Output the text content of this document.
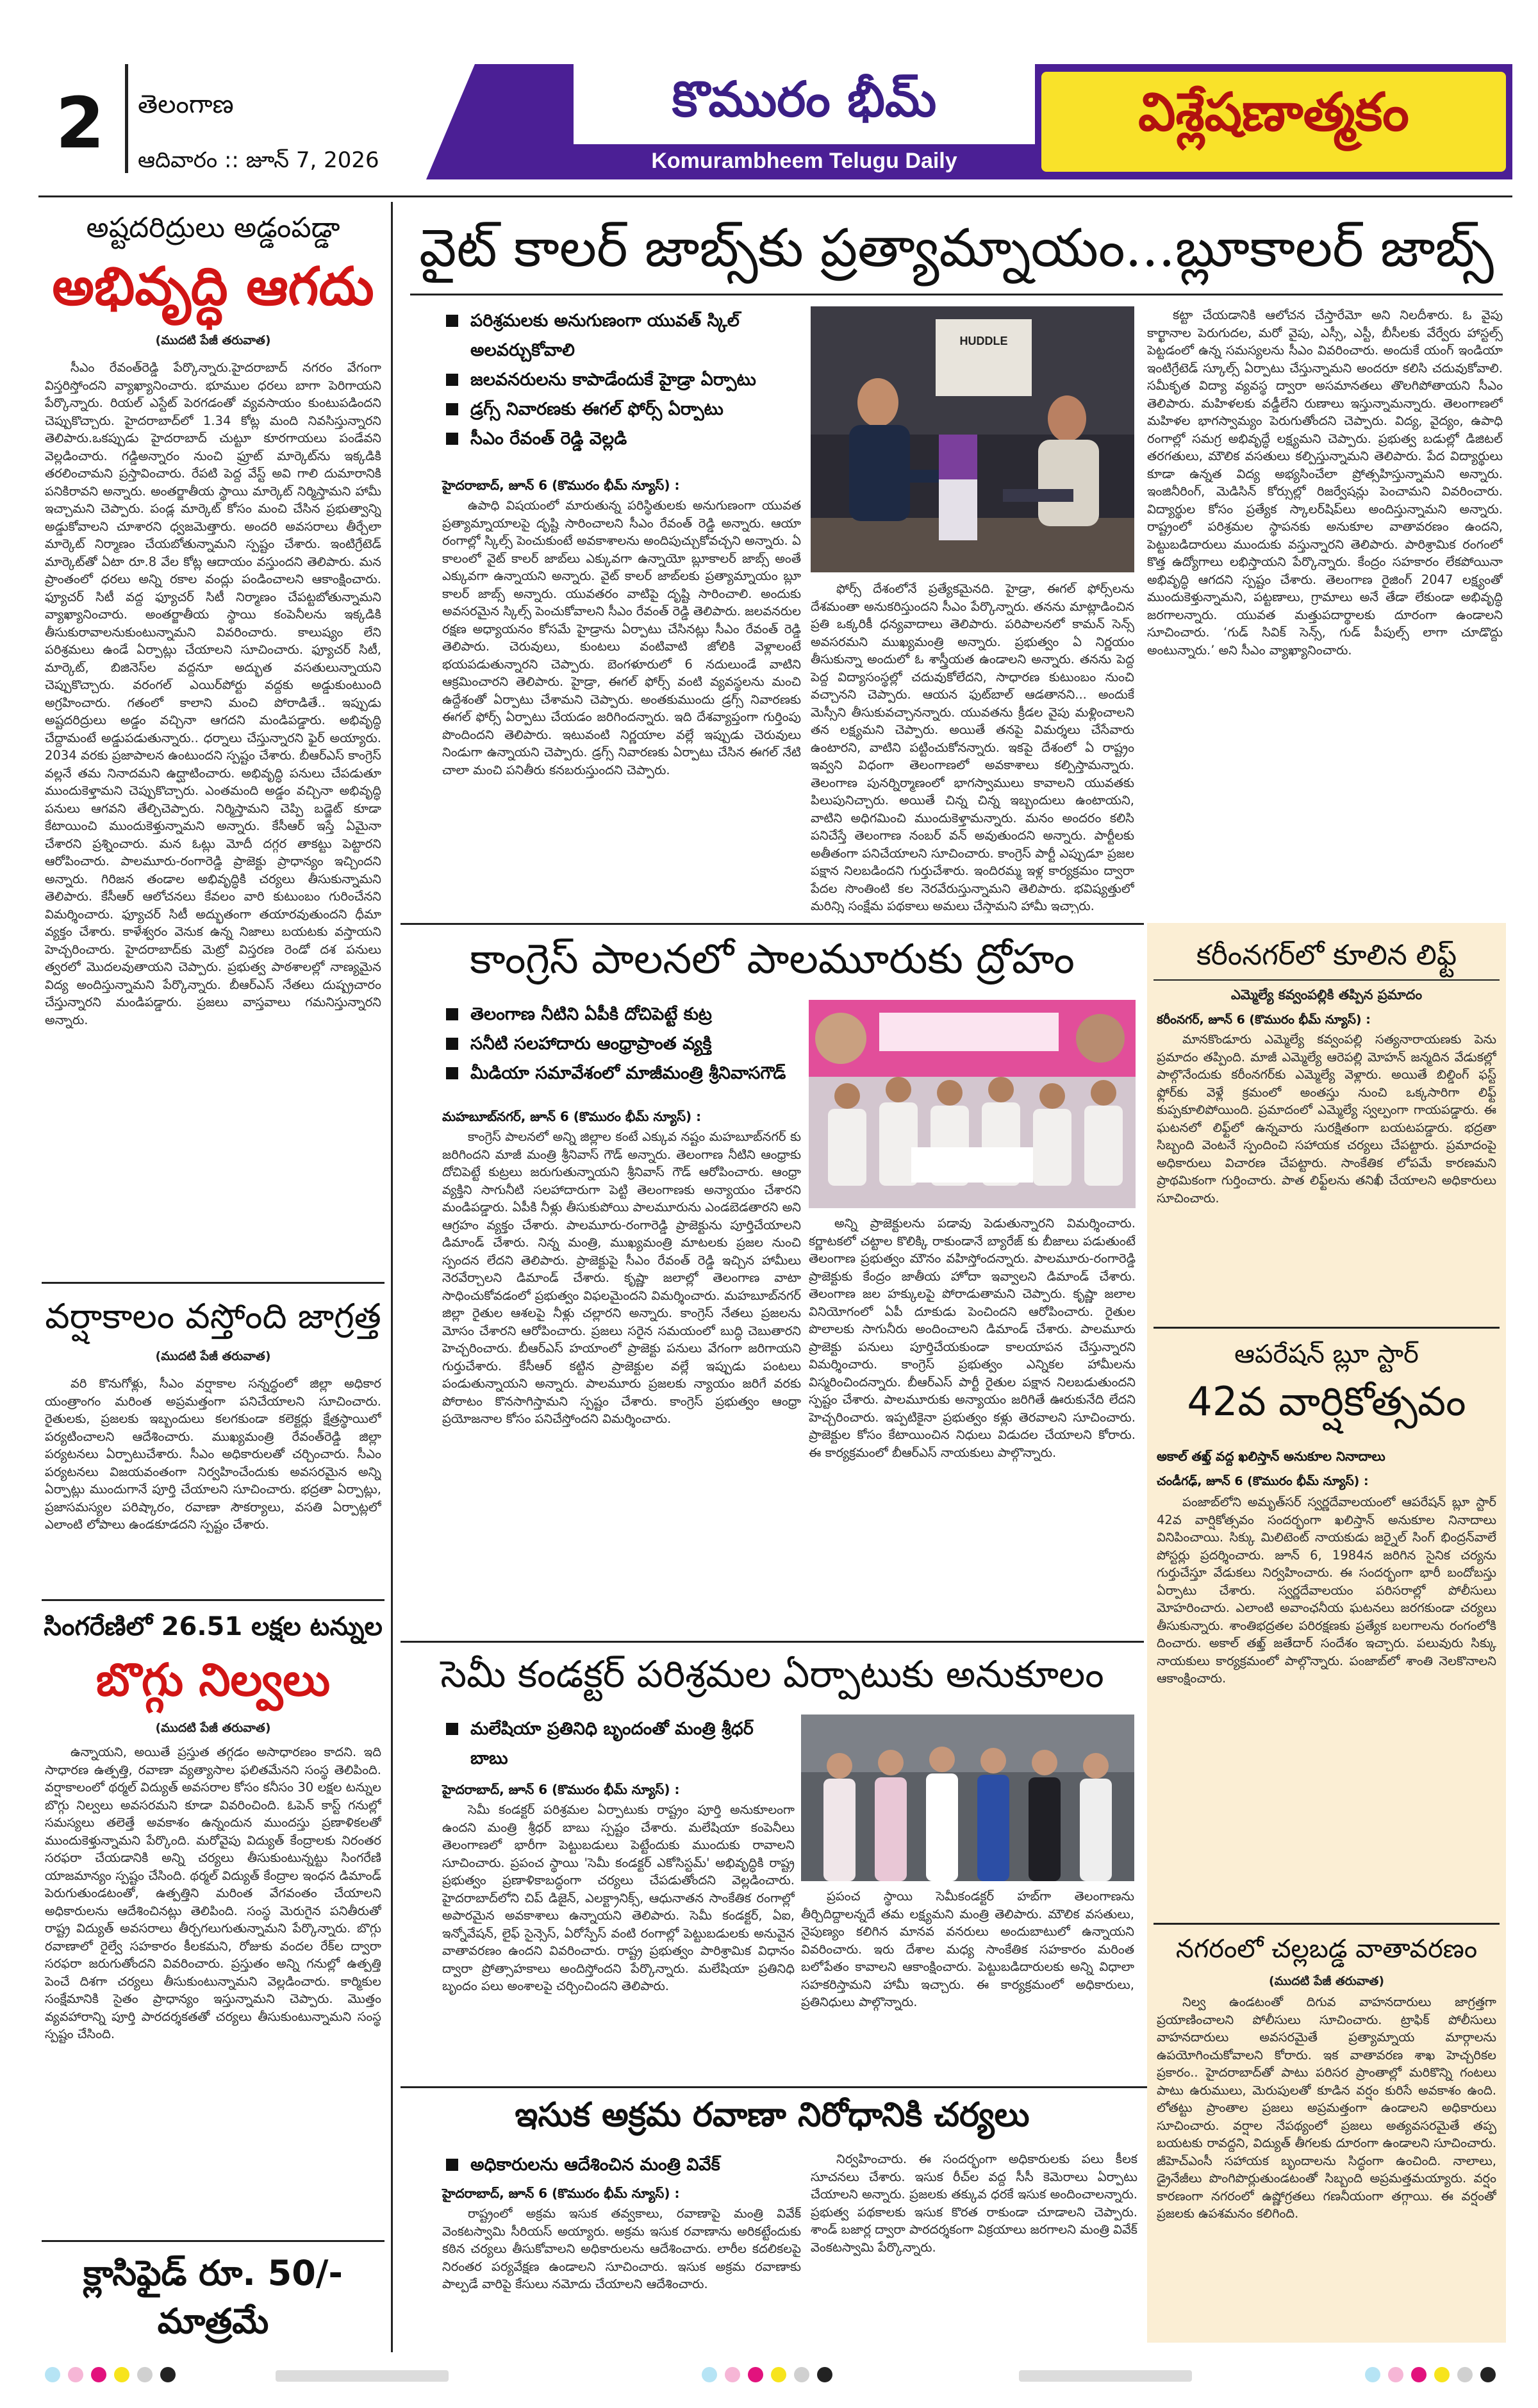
2	తెలంగాణ
ఆదివారం :: జూన్ 7, 2026
కొమురం భీమ్
Komurambheem Telugu Daily
విశ్లేషణాత్మకం
అష్టదరిద్రులు అడ్డంపడ్డా
అభివృద్ధి ఆగదు
(ముదటి పేజీ తరువాత)

సీఎం రేవంత్‌రెడ్డి పేర్కొన్నారు.హైదరాబాద్ నగరం వేగంగా విస్తరిస్తోందని వ్యాఖ్యానించారు. భూముల ధరలు బాగా పెరిగాయని పేర్కొన్నారు. రియల్ ఎస్టేట్ పెరగడంతో వ్యవసాయం కుంటుపడిందని చెప్పుకొచ్చారు. హైదరాబాద్‌లో 1.34 కోట్ల మంది నివసిస్తున్నారని తెలిపారు.ఒకప్పుడు హైదరాబాద్ చుట్టూ కూరగాయలు పండేవని వెల్లడించారు. గడ్డిఅన్నారం నుంచి ఫ్రూట్ మార్కెట్‌ను ఇక్కడికి తరలించామని ప్రస్తావించారు. రేపటి పెద్ద వేస్ట్ అవి గాలి దుమారానికి పనికిరావని అన్నారు. అంతర్జాతీయ స్థాయి మార్కెట్ నిర్మిస్తామని హామీ ఇచ్చామని చెప్పారు. పండ్ల మార్కెట్ కోసం మంచి చేసిన ప్రభుత్వాన్ని అడ్డుకోవాలని చూశారని ధ్వజమెత్తారు. అందరి అవసరాలు తీర్చేలా మార్కెట్ నిర్మాణం చేయబోతున్నామని స్పష్టం చేశారు. ఇంటిగ్రేటెడ్ మార్కెట్‌తో ఏటా రూ.8 వేల కోట్ల ఆదాయం వస్తుందని తెలిపారు. మన ప్రాంతంలో ధరలు అన్ని రకాల వంద్లు పండించాలని ఆకాంక్షించారు. ఫ్యూచర్ సిటీ వద్ద ఫ్యూచర్ సిటీ నిర్మాణం చేపట్టబోతున్నామని వ్యాఖ్యానించారు. అంతర్జాతీయ స్థాయి కంపెనీలను ఇక్కడికి తీసుకురావాలనుకుంటున్నామని వివరించారు. కాలుష్యం లేని పరిశ్రమలు ఉండే ఏర్పాట్లు చేయాలని సూచించారు. ఫ్యూచర్ సిటీ, మార్కెట్, బిజినెస్‌ల వద్దనూ అద్భుత వసతులున్నాయని చెప్పుకొచ్చారు. వరంగల్ ఎయిర్‌పోర్టు వద్దకు అడ్డుకుంటుంది అగ్రహించారు. గతంలో కాలాని మంచి పోరాడితే.. ఇప్పుడు అష్టదరిద్రులు అడ్డం వచ్చినా ఆగదని మండిపడ్డారు. అభివృద్ధి చేద్దామంటే అడ్డుపడుతున్నారు.. ధర్నాలు చేస్తున్నారని ఫైర్ అయ్యారు. 2034 వరకు ప్రజాపాలన ఉంటుందని స్పష్టం చేశారు. బీఆర్ఎస్ కాంగ్రెస్ వల్లనే తమ నినాదమని ఉద్ఘాటించారు. అభివృద్ధి పనులు చేపడుతూ ముందుకెళ్తామని చెప్పుకొచ్చారు. ఎంతమంది అడ్డం వచ్చినా అభివృద్ధి పనులు ఆగవని తేల్చిచెప్పారు. నిర్మిస్తామని చెప్పి బడ్జెట్ కూడా కేటాయించి ముందుకెళ్తున్నామని అన్నారు. కేసీఆర్ ఇస్తే ఏమైనా చేశారని ప్రశ్నించారు. మన ఓట్లు మోదీ దగ్గర తాకట్టు పెట్టారని ఆరోపించారు. పాలమూరు-రంగారెడ్డి ప్రాజెక్టు ప్రాధాన్యం ఇచ్చిందని అన్నారు. గిరిజన తండాల అభివృద్ధికి చర్యలు తీసుకున్నామని తెలిపారు. కేసీఆర్ ఆలోచనలు కేవలం వారి కుటుంబం గురించేనని విమర్శించారు. ఫ్యూచర్ సిటీ అద్భుతంగా తయారవుతుందని ధీమా వ్యక్తం చేశారు. కాళేశ్వరం వెనుక ఉన్న నిజాలు బయటకు వస్తాయని హెచ్చరించారు. హైదరాబాద్‌కు మెట్రో విస్తరణ రెండో దశ పనులు త్వరలో మొదలవుతాయని చెప్పారు. ప్రభుత్వ పాఠశాలల్లో నాణ్యమైన విద్య అందిస్తున్నామని పేర్కొన్నారు. బీఆర్ఎస్ నేతలు దుష్ప్రచారం చేస్తున్నారని మండిపడ్డారు. ప్రజలు వాస్తవాలు గమనిస్తున్నారని అన్నారు.

వర్షాకాలం వస్తోంది జాగ్రత్త
(ముదటి పేజీ తరువాత)

వరి కొనుగోళ్లు, సీఎం వర్షాకాల సన్నద్ధంలో జిల్లా అధికార యంత్రాంగం మరింత అప్రమత్తంగా పనిచేయాలని సూచించారు. రైతులకు, ప్రజలకు ఇబ్బందులు కలగకుండా కలెక్టర్లు క్షేత్రస్థాయిలో పర్యటించాలని ఆదేశించారు. ముఖ్యమంత్రి రేవంత్‌రెడ్డి జిల్లా పర్యటనలు ఏర్పాటుచేశారు. సీఎం అధికారులతో చర్చించారు. సీఎం పర్యటనలు విజయవంతంగా నిర్వహించేందుకు అవసరమైన అన్ని ఏర్పాట్లు ముందుగానే పూర్తి చేయాలని సూచించారు. భద్రతా ఏర్పాట్లు, ప్రజాసమస్యల పరిష్కారం, రవాణా సౌకర్యాలు, వసతి ఏర్పాట్లలో ఎలాంటి లోపాలు ఉండకూడదని స్పష్టం చేశారు.

సింగరేణిలో 26.51 లక్షల టన్నుల
బొగ్గు నిల్వలు
(ముదటి పేజీ తరువాత)

ఉన్నాయని, అయితే ప్రస్తుత తగ్గడం అసాధారణం కాదని. ఇది సాధారణ ఉత్పత్తి, రవాణా వ్యత్యాసాల ఫలితమేనని సంస్థ తెలిపింది. వర్షాకాలంలో థర్మల్ విద్యుత్ అవసరాల కోసం కనీసం 30 లక్షల టన్నుల బొగ్గు నిల్వలు అవసరమని కూడా వివరించింది. ఓపెన్ కాస్ట్ గనుల్లో సమస్యలు తలెత్తే అవకాశం ఉన్నందున ముందస్తు ప్రణాళికలతో ముందుకెళ్తున్నామని పేర్కొంది. మరోవైపు విద్యుత్ కేంద్రాలకు నిరంతర సరఫరా చేయడానికి అన్ని చర్యలు తీసుకుంటున్నట్టు సింగరేణి యాజమాన్యం స్పష్టం చేసింది. థర్మల్ విద్యుత్ కేంద్రాల ఇంధన డిమాండ్ పెరుగుతుండటంతో, ఉత్పత్తిని మరింత వేగవంతం చేయాలని అధికారులను ఆదేశించినట్లు తెలిపింది. సంస్థ మెరుగైన పనితీరుతో రాష్ట్ర విద్యుత్ అవసరాలు తీర్చగలుగుతున్నామని పేర్కొన్నారు. బొగ్గు రవాణాలో రైల్వే సహకారం కీలకమని, రోజుకు వందల రేక్‌ల ద్వారా సరఫరా జరుగుతోందని వివరించారు. ప్రస్తుతం అన్ని గనుల్లో ఉత్పత్తి పెంచే దిశగా చర్యలు తీసుకుంటున్నామని వెల్లడించారు. కార్మికుల సంక్షేమానికి సైతం ప్రాధాన్యం ఇస్తున్నామని చెప్పారు. మొత్తం వ్యవహారాన్ని పూర్తి పారదర్శకతతో చర్యలు తీసుకుంటున్నామని సంస్థ స్పష్టం చేసింది.

క్లాసిఫైడ్ రూ. 50/-
మాత్రమే
వైట్ కాలర్ జాబ్స్‌కు ప్రత్యామ్నాయం...బ్లూకాలర్ జాబ్స్
పరిశ్రమలకు అనుగుణంగా యువత్ స్కిల్ అలవర్చుకోవాలి
జలవనరులను కాపాడేందుకే హైడ్రా ఏర్పాటు
డ్రగ్స్ నివారణకు ఈగల్ ఫోర్స్ ఏర్పాటు
సీఎం రేవంత్ రెడ్డి వెల్లడి
హైదరాబాద్, జూన్ 6 (కొమురం భీమ్ న్యూస్) :

ఉపాధి విషయంలో మారుతున్న పరిస్థితులకు అనుగుణంగా యువత ప్రత్యామ్నాయాలపై దృష్టి సారించాలని సీఎం రేవంత్ రెడ్డి అన్నారు. ఆయా రంగాల్లో స్కిల్స్ పెంచుకుంటే అవకాశాలను అందిపుచ్చుకోవచ్చని అన్నారు. ఏ కాలంలో వైట్ కాలర్ జాబ్‌లు ఎక్కువగా ఉన్నాయో బ్లూకాలర్ జాబ్స్ అంతే ఎక్కువగా ఉన్నాయని అన్నారు. వైట్ కాలర్ జాబ్‌లకు ప్రత్యామ్నాయం బ్లూ కాలర్ జాబ్స్ అన్నారు. యువతరం వాటిపై దృష్టి సారించాలి. అందుకు అవసరమైన స్కిల్స్ పెంచుకోవాలని సీఎం రేవంత్ రెడ్డి తెలిపారు. జలవనరుల రక్షణ అధ్యాయనం కోసమే హైడ్రాను ఏర్పాటు చేసినట్లు సీఎం రేవంత్ రెడ్డి తెలిపారు. చెరువులు, కుంటలు వంటివాటి జోలికి వెళ్లాలంటే భయపడుతున్నారని చెప్పారు. బెంగళూరులో 6 నదులుండే వాటిని ఆక్రమించారని తెలిపారు. హైడ్రా, ఈగల్ ఫోర్స్ వంటి వ్యవస్థలను మంచి ఉద్దేశంతో ఏర్పాటు చేశామని చెప్పారు. అంతకుముందు డ్రగ్స్ నివారణకు ఈగల్ ఫోర్స్ ఏర్పాటు చేయడం జరిగిందన్నారు. ఇది దేశవ్యాప్తంగా గుర్తింపు పొందిందని తెలిపారు. ఇటువంటి నిర్ణయాల వల్లే ఇప్పుడు చెరువులు నిండుగా ఉన్నాయని చెప్పారు. డ్రగ్స్ నివారణకు ఏర్పాటు చేసిన ఈగల్ నేటి చాలా మంచి పనితీరు కనబరుస్తుందని చెప్పారు.

HUDDLE

ఫోర్స్ దేశంలోనే ప్రత్యేకమైనది. హైడ్రా, ఈగల్ ఫోర్స్‌లను దేశమంతా అనుకరిస్తుందని సీఎం పేర్కొన్నారు. తనను మాట్లాడించిన ప్రతి ఒక్కరికీ ధన్యవాదాలు తెలిపారు. పరిపాలనలో కామన్ సెన్స్ అవసరమని ముఖ్యమంత్రి అన్నారు. ప్రభుత్వం ఏ నిర్ణయం తీసుకున్నా అందులో ఓ శాస్త్రీయత ఉండాలని అన్నారు. తనను పెద్ద పెద్ద విద్యాసంస్థల్లో చదువుకోలేదని, సాధారణ కుటుంబం నుంచి వచ్చానని చెప్పారు. ఆయన ఫుట్‌బాల్ ఆడతానని... అందుకే మెస్సీని తీసుకువచ్చానన్నారు. యువతను క్రీడల వైపు మళ్లించాలని తన లక్ష్యమని చెప్పారు. అయితే తనపై విమర్శలు చేసేవారు ఉంటారని, వాటిని పట్టించుకోనన్నారు. ఇకపై దేశంలో ఏ రాష్ట్రం ఇవ్వని విధంగా తెలంగాణలో అవకాశాలు కల్పిస్తామన్నారు. తెలంగాణ పునర్నిర్మాణంలో భాగస్వాములు కావాలని యువతకు పిలుపునిచ్చారు. అయితే చిన్న చిన్న ఇబ్బందులు ఉంటాయని, వాటిని అధిగమించి ముందుకెళ్తామన్నారు. మనం అందరం కలిసి పనిచేస్తే తెలంగాణ నంబర్ వన్ అవుతుందని అన్నారు. పార్టీలకు అతీతంగా పనిచేయాలని సూచించారు. కాంగ్రెస్ పార్టీ ఎప్పుడూ ప్రజల పక్షాన నిలబడిందని గుర్తుచేశారు. ఇందిరమ్మ ఇళ్ల కార్యక్రమం ద్వారా పేదల సొంతింటి కల నెరవేరుస్తున్నామని తెలిపారు. భవిష్యత్తులో మరిన్ని సంక్షేమ పథకాలు అమలు చేస్తామని హామీ ఇచ్చారు.

కట్టా చేయడానికి ఆలోచన చేస్తారేమో అని నిలదీశారు. ఓ వైపు కార్ఖానాల పెరుగుదల, మరో వైపు, ఎస్సీ, ఎస్టీ, బీసీలకు వేర్వేరు హాస్టల్స్ పెట్టడంలో ఉన్న సమస్యలను సీఎం వివరించారు. అందుకే యంగ్ ఇండియా ఇంటిగ్రేటెడ్ స్కూల్స్ ఏర్పాటు చేస్తున్నామని అందరూ కలిసి చదువుకోవాలి. సమీకృత విద్యా వ్యవస్థ ద్వారా అసమానతలు తొలగిపోతాయని సీఎం తెలిపారు. మహిళలకు వడ్డీలేని రుణాలు ఇస్తున్నామన్నారు. తెలంగాణలో మహిళల భాగస్వామ్యం పెరుగుతోందని చెప్పారు. విద్య, వైద్యం, ఉపాధి రంగాల్లో సమగ్ర అభివృద్ధే లక్ష్యమని చెప్పారు. ప్రభుత్వ బడుల్లో డిజిటల్ తరగతులు, మౌలిక వసతులు కల్పిస్తున్నామని తెలిపారు. పేద విద్యార్థులు కూడా ఉన్నత విద్య అభ్యసించేలా ప్రోత్సహిస్తున్నామని అన్నారు. ఇంజినీరింగ్, మెడిసిన్ కోర్సుల్లో రిజర్వేషన్లు పెంచామని వివరించారు. విద్యార్థుల కోసం ప్రత్యేక స్కాలర్‌షిప్‌లు అందిస్తున్నామని అన్నారు. రాష్ట్రంలో పరిశ్రమల స్థాపనకు అనుకూల వాతావరణం ఉందని, పెట్టుబడిదారులు ముందుకు వస్తున్నారని తెలిపారు. పారిశ్రామిక రంగంలో కొత్త ఉద్యోగాలు లభిస్తాయని పేర్కొన్నారు. కేంద్రం సహకారం లేకపోయినా అభివృద్ధి ఆగదని స్పష్టం చేశారు. తెలంగాణ రైజింగ్ 2047 లక్ష్యంతో ముందుకెళ్తున్నామని, పట్టణాలు, గ్రామాలు అనే తేడా లేకుండా అభివృద్ధి జరగాలన్నారు. యువత మత్తుపదార్థాలకు దూరంగా ఉండాలని సూచించారు. ‘గుడ్ సివిక్ సెన్స్, గుడ్ పీపుల్స్ లాగా చూడొద్దు అంటున్నారు.’ అని సీఎం వ్యాఖ్యానించారు.

కాంగ్రెస్ పాలనలో పాలమూరుకు ద్రోహం
తెలంగాణ నీటిని ఏపీకి దోచిపెట్టే కుట్ర
సనీటి సలహాదారు ఆంధ్రాప్రాంత వ్యక్తి
మీడియా సమావేశంలో మాజీమంత్రి శ్రీనివాసగౌడ్
మహబూబ్‌నగర్, జూన్ 6 (కొమురం భీమ్ న్యూస్) :

కాంగ్రెస్ పాలనలో అన్ని జిల్లాల కంటే ఎక్కువ నష్టం మహబూబ్‌నగర్ కు జరిగిందని మాజీ మంత్రి శ్రీనివాస్ గౌడ్ అన్నారు. తెలంగాణ నీటిని ఆంధ్రాకు దోచిపెట్టే కుట్రలు జరుగుతున్నాయని శ్రీనివాస్ గౌడ్ ఆరోపించారు. ఆంధ్రా వ్యక్తిని సాగునీటి సలహాదారుగా పెట్టి తెలంగాణకు అన్యాయం చేశారని మండిపడ్డారు. ఏపీకి నీళ్లు తీసుకుపోయి పాలమూరును ఎండబెడతారని అని ఆగ్రహం వ్యక్తం చేశారు. పాలమూరు-రంగారెడ్డి ప్రాజెక్టును పూర్తిచేయాలని డిమాండ్ చేశారు. నిన్న మంత్రి, ముఖ్యమంత్రి మాటలకు ప్రజల నుంచి స్పందన లేదని తెలిపారు. ప్రాజెక్టుపై సీఎం రేవంత్ రెడ్డి ఇచ్చిన హామీలు నెరవేర్చాలని డిమాండ్ చేశారు. కృష్ణా జలాల్లో తెలంగాణ వాటా సాధించుకోవడంలో ప్రభుత్వం విఫలమైందని విమర్శించారు. మహబూబ్‌నగర్ జిల్లా రైతుల ఆశలపై నీళ్లు చల్లారని అన్నారు. కాంగ్రెస్ నేతలు ప్రజలను మోసం చేశారని ఆరోపించారు. ప్రజలు సరైన సమయంలో బుద్ధి చెబుతారని హెచ్చరించారు. బీఆర్ఎస్ హయాంలో ప్రాజెక్టు పనులు వేగంగా జరిగాయని గుర్తుచేశారు. కేసీఆర్ కట్టిన ప్రాజెక్టుల వల్లే ఇప్పుడు పంటలు పండుతున్నాయని అన్నారు. పాలమూరు ప్రజలకు న్యాయం జరిగే వరకు పోరాటం కొనసాగిస్తామని స్పష్టం చేశారు. కాంగ్రెస్ ప్రభుత్వం ఆంధ్రా ప్రయోజనాల కోసం పనిచేస్తోందని విమర్శించారు.

అన్ని ప్రాజెక్టులను పడావు పెడుతున్నారని విమర్శించారు. కర్ణాటకలో చట్టాల కొలిక్కి రాకుండానే బ్యారేజ్‌ కు బీజాలు పడుతుంటే తెలంగాణ ప్రభుత్వం మౌనం వహిస్తోందన్నారు. పాలమూరు-రంగారెడ్డి ప్రాజెక్టుకు కేంద్రం జాతీయ హోదా ఇవ్వాలని డిమాండ్ చేశారు. తెలంగాణ జల హక్కులపై పోరాడుతామని చెప్పారు. కృష్ణా జలాల వినియోగంలో ఏపీ దూకుడు పెంచిందని ఆరోపించారు. రైతుల పొలాలకు సాగునీరు అందించాలని డిమాండ్ చేశారు. పాలమూరు ప్రాజెక్టు పనులు పూర్తిచేయకుండా కాలయాపన చేస్తున్నారని విమర్శించారు. కాంగ్రెస్ ప్రభుత్వం ఎన్నికల హామీలను విస్మరించిందన్నారు. బీఆర్ఎస్ పార్టీ రైతుల పక్షాన నిలబడుతుందని స్పష్టం చేశారు. పాలమూరుకు అన్యాయం జరిగితే ఊరుకునేది లేదని హెచ్చరించారు. ఇప్పటికైనా ప్రభుత్వం కళ్లు తెరవాలని సూచించారు. ప్రాజెక్టుల కోసం కేటాయించిన నిధులు విడుదల చేయాలని కోరారు. ఈ కార్యక్రమంలో బీఆర్ఎస్ నాయకులు పాల్గొన్నారు.

సెమీ కండక్టర్ పరిశ్రమల ఏర్పాటుకు అనుకూలం
మలేషియా ప్రతినిధి బృందంతో మంత్రి శ్రీధర్ బాబు
హైదరాబాద్, జూన్ 6 (కొమురం భీమ్ న్యూస్) :

సెమీ కండక్టర్ పరిశ్రమల ఏర్పాటుకు రాష్ట్రం పూర్తి అనుకూలంగా ఉందని మంత్రి శ్రీధర్ బాబు స్పష్టం చేశారు. మలేషియా కంపెనీలు తెలంగాణలో భారీగా పెట్టుబడులు పెట్టేందుకు ముందుకు రావాలని సూచించారు. ప్రపంచ స్థాయి 'సెమీ కండక్టర్ ఎకోసిస్టమ్' అభివృద్ధికి రాష్ట్ర ప్రభుత్వం ప్రణాళికాబద్ధంగా చర్యలు చేపడుతోందని వెల్లడించారు. హైదరాబాద్‌లోని చిప్ డిజైన్, ఎలక్ట్రానిక్స్, ఆధునాతన సాంకేతిక రంగాల్లో అపారమైన అవకాశాలు ఉన్నాయని తెలిపారు. సెమీ కండక్టర్, ఏఐ, ఇన్నోవేషన్, లైఫ్ సైన్సెస్, ఏరోస్పేస్ వంటి రంగాల్లో పెట్టుబడులకు అనువైన వాతావరణం ఉందని వివరించారు. రాష్ట్ర ప్రభుత్వం పారిశ్రామిక విధానం ద్వారా ప్రోత్సాహకాలు అందిస్తోందని పేర్కొన్నారు. మలేషియా ప్రతినిధి బృందం పలు అంశాలపై చర్చించిందని తెలిపారు.

ప్రపంచ స్థాయి సెమీకండక్టర్ హబ్‌గా తెలంగాణను తీర్చిదిద్దాలన్నదే తమ లక్ష్యమని మంత్రి తెలిపారు. మౌలిక వసతులు, నైపుణ్యం కలిగిన మానవ వనరులు అందుబాటులో ఉన్నాయని వివరించారు. ఇరు దేశాల మధ్య సాంకేతిక సహకారం మరింత బలోపేతం కావాలని ఆకాంక్షించారు. పెట్టుబడిదారులకు అన్ని విధాలా సహకరిస్తామని హామీ ఇచ్చారు. ఈ కార్యక్రమంలో అధికారులు, ప్రతినిధులు పాల్గొన్నారు.

ఇసుక అక్రమ రవాణా నిరోధానికి చర్యలు
అధికారులను ఆదేశించిన మంత్రి వివేక్
హైదరాబాద్, జూన్ 6 (కొమురం భీమ్ న్యూస్) :

రాష్ట్రంలో అక్రమ ఇసుక తవ్వకాలు, రవాణాపై మంత్రి వివేక్ వెంకటస్వామి సీరియస్ అయ్యారు. అక్రమ ఇసుక రవాణాను అరికట్టేందుకు కఠిన చర్యలు తీసుకోవాలని అధికారులను ఆదేశించారు. లారీల కదలికలపై నిరంతర పర్యవేక్షణ ఉండాలని సూచించారు. ఇసుక అక్రమ రవాణాకు పాల్పడే వారిపై కేసులు నమోదు చేయాలని ఆదేశించారు.

నిర్వహించారు. ఈ సందర్భంగా అధికారులకు పలు కీలక సూచనలు చేశారు. ఇసుక రీచ్‌ల వద్ద సీసీ కెమెరాలు ఏర్పాటు చేయాలని అన్నారు. ప్రజలకు తక్కువ ధరకే ఇసుక అందించాలన్నారు. ప్రభుత్వ పథకాలకు ఇసుక కొరత రాకుండా చూడాలని చెప్పారు. శాండ్ బజార్ల ద్వారా పారదర్శకంగా విక్రయాలు జరగాలని మంత్రి వివేక్ వెంకటస్వామి పేర్కొన్నారు.

కరీంనగర్‌లో కూలిన లిఫ్ట్
ఎమ్మెల్యే కవ్వంపల్లికి తప్పిన ప్రమాదం
కరీంనగర్, జూన్ 6 (కొమురం భీమ్ న్యూస్) :

మానకొండూరు ఎమ్మెల్యే కవ్వంపల్లి సత్యనారాయణకు పెను ప్రమాదం తప్పింది. మాజీ ఎమ్మెల్యే ఆరెపల్లి మోహన్ జన్మదిన వేడుకల్లో పాల్గొనేందుకు కరీంనగర్‌కు ఎమ్మెల్యే వెళ్లారు. అయితే బిల్డింగ్ ఫస్ట్ ఫ్లోర్‌కు వెళ్లే క్రమంలో అంతస్తు నుంచి ఒక్కసారిగా లిఫ్ట్ కుప్పకూలిపోయింది. ప్రమాదంలో ఎమ్మెల్యే స్వల్పంగా గాయపడ్డారు. ఈ ఘటనలో లిఫ్ట్‌లో ఉన్నవారు సురక్షితంగా బయటపడ్డారు. భద్రతా సిబ్బంది వెంటనే స్పందించి సహాయక చర్యలు చేపట్టారు. ప్రమాదంపై అధికారులు విచారణ చేపట్టారు. సాంకేతిక లోపమే కారణమని ప్రాథమికంగా గుర్తించారు. పాత లిఫ్ట్‌లను తనిఖీ చేయాలని అధికారులు సూచించారు.

ఆపరేషన్ బ్లూ స్టార్
42వ వార్షికోత్సవం
అకాల్ తఖ్త్ వద్ద ఖలిస్తాన్ అనుకూల నినాదాలు
చండీగఢ్, జూన్ 6 (కొమురం భీమ్ న్యూస్) :

పంజాబ్‌లోని అమృత్‌సర్ స్వర్ణదేవాలయంలో ఆపరేషన్ బ్లూ స్టార్ 42వ వార్షికోత్సవం సందర్భంగా ఖలిస్తాన్ అనుకూల నినాదాలు వినిపించాయి. సిక్కు మిలిటెంట్ నాయకుడు జర్నైల్ సింగ్ భింద్రన్‌వాలే పోస్టర్లు ప్రదర్శించారు. జూన్ 6, 1984న జరిగిన సైనిక చర్యను గుర్తుచేస్తూ వేడుకలు నిర్వహించారు. ఈ సందర్భంగా భారీ బందోబస్తు ఏర్పాటు చేశారు. స్వర్ణదేవాలయం పరిసరాల్లో పోలీసులు మోహరించారు. ఎలాంటి అవాంఛనీయ ఘటనలు జరగకుండా చర్యలు తీసుకున్నారు. శాంతిభద్రతల పరిరక్షణకు ప్రత్యేక బలగాలను రంగంలోకి దించారు. అకాల్ తఖ్త్ జతేదార్ సందేశం ఇచ్చారు. పలువురు సిక్కు నాయకులు కార్యక్రమంలో పాల్గొన్నారు. పంజాబ్‌లో శాంతి నెలకొనాలని ఆకాంక్షించారు.

నగరంలో చల్లబడ్డ వాతావరణం
(ముదటి పేజీ తరువాత)

నిల్వ ఉండటంతో దిగువ వాహనదారులు జాగ్రత్తగా ప్రయాణించాలని పోలీసులు సూచించారు. ట్రాఫిక్ పోలీసులు వాహనదారులు అవసరమైతే ప్రత్యామ్నాయ మార్గాలను ఉపయోగించుకోవాలని కోరారు. ఇక వాతావరణ శాఖ హెచ్చరికల ప్రకారం.. హైదరాబాద్‌తో పాటు పరిసర ప్రాంతాల్లో మరికొన్ని గంటలు పాటు ఉరుములు, మెరుపులతో కూడిన వర్షం కురిసే అవకాశం ఉంది. లోతట్టు ప్రాంతాల ప్రజలు అప్రమత్తంగా ఉండాలని అధికారులు సూచించారు. వర్షాల నేపథ్యంలో ప్రజలు అత్యవసరమైతే తప్ప బయటకు రావద్దని, విద్యుత్ తీగలకు దూరంగా ఉండాలని సూచించారు. జీహెచ్ఎంసీ సహాయక బృందాలను సిద్ధంగా ఉంచింది. నాలాలు, డ్రైనేజీలు పొంగిపొర్లుతుండటంతో సిబ్బంది అప్రమత్తమయ్యారు. వర్షం కారణంగా నగరంలో ఉష్ణోగ్రతలు గణనీయంగా తగ్గాయి. ఈ వర్షంతో ప్రజలకు ఉపశమనం కలిగింది.
